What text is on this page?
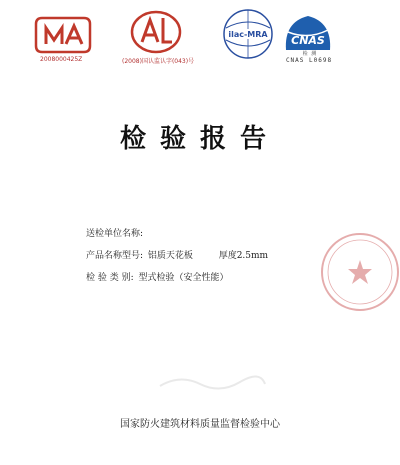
2008000425Z	(2008)国认监认字(043)号
ilac-MRA CNAS
检 测
CNAS L0698
检验报告
送检单位名称:
产品名称型号: 铝质天花板	厚度2.5mm
检 验 类 别: 型式检验（安全性能）
国家防火建筑材料质量监督检验中心
